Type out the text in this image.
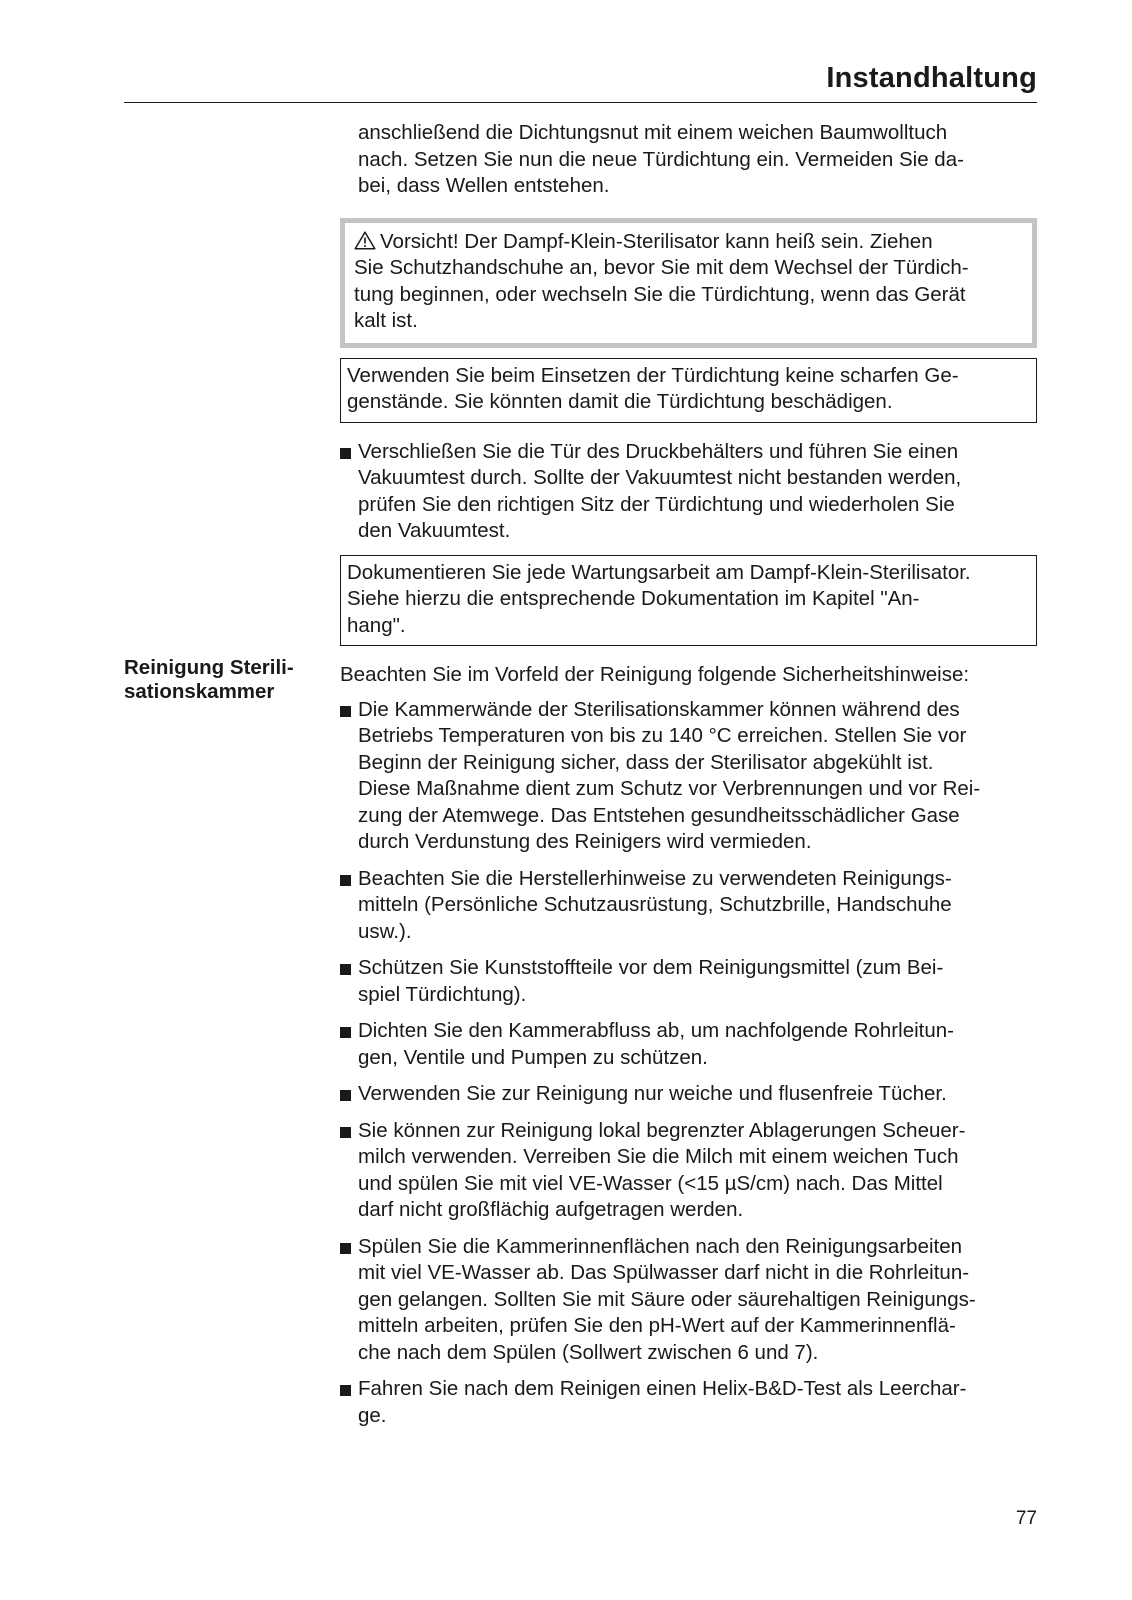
Instandhaltung
Reinigung Sterili-
sationskammer
anschließend die Dichtungsnut mit einem weichen Baumwolltuch
nach. Setzen Sie nun die neue Türdichtung ein. Vermeiden Sie da-
bei, dass Wellen entstehen.
Vorsicht! Der Dampf-Klein-Sterilisator kann heiß sein. Ziehen
Sie Schutzhandschuhe an, bevor Sie mit dem Wechsel der Türdich-
tung beginnen, oder wechseln Sie die Türdichtung, wenn das Gerät
kalt ist.
Verwenden Sie beim Einsetzen der Türdichtung keine scharfen Ge-
genstände. Sie könnten damit die Türdichtung beschädigen.
Verschließen Sie die Tür des Druckbehälters und führen Sie einen
Vakuumtest durch. Sollte der Vakuumtest nicht bestanden werden,
prüfen Sie den richtigen Sitz der Türdichtung und wiederholen Sie
den Vakuumtest.
Dokumentieren Sie jede Wartungsarbeit am Dampf-Klein-Sterilisator.
Siehe hierzu die entsprechende Dokumentation im Kapitel "An-
hang".
Beachten Sie im Vorfeld der Reinigung folgende Sicherheitshinweise:
Die Kammerwände der Sterilisationskammer können während des
Betriebs Temperaturen von bis zu 140 °C erreichen. Stellen Sie vor
Beginn der Reinigung sicher, dass der Sterilisator abgekühlt ist.
Diese Maßnahme dient zum Schutz vor Verbrennungen und vor Rei-
zung der Atemwege. Das Entstehen gesundheitsschädlicher Gase
durch Verdunstung des Reinigers wird vermieden.
Beachten Sie die Herstellerhinweise zu verwendeten Reinigungs-
mitteln (Persönliche Schutzausrüstung, Schutzbrille, Handschuhe
usw.).
Schützen Sie Kunststoffteile vor dem Reinigungsmittel (zum Bei-
spiel Türdichtung).
Dichten Sie den Kammerabfluss ab, um nachfolgende Rohrleitun-
gen, Ventile und Pumpen zu schützen.
Verwenden Sie zur Reinigung nur weiche und flusenfreie Tücher.
Sie können zur Reinigung lokal begrenzter Ablagerungen Scheuer-
milch verwenden. Verreiben Sie die Milch mit einem weichen Tuch
und spülen Sie mit viel VE-Wasser (<15 µS/cm) nach. Das Mittel
darf nicht großflächig aufgetragen werden.
Spülen Sie die Kammerinnenflächen nach den Reinigungsarbeiten
mit viel VE-Wasser ab. Das Spülwasser darf nicht in die Rohrleitun-
gen gelangen. Sollten Sie mit Säure oder säurehaltigen Reinigungs-
mitteln arbeiten, prüfen Sie den pH-Wert auf der Kammerinnenflä-
che nach dem Spülen (Sollwert zwischen 6 und 7).
Fahren Sie nach dem Reinigen einen Helix-B&D-Test als Leerchar-
ge.
77
